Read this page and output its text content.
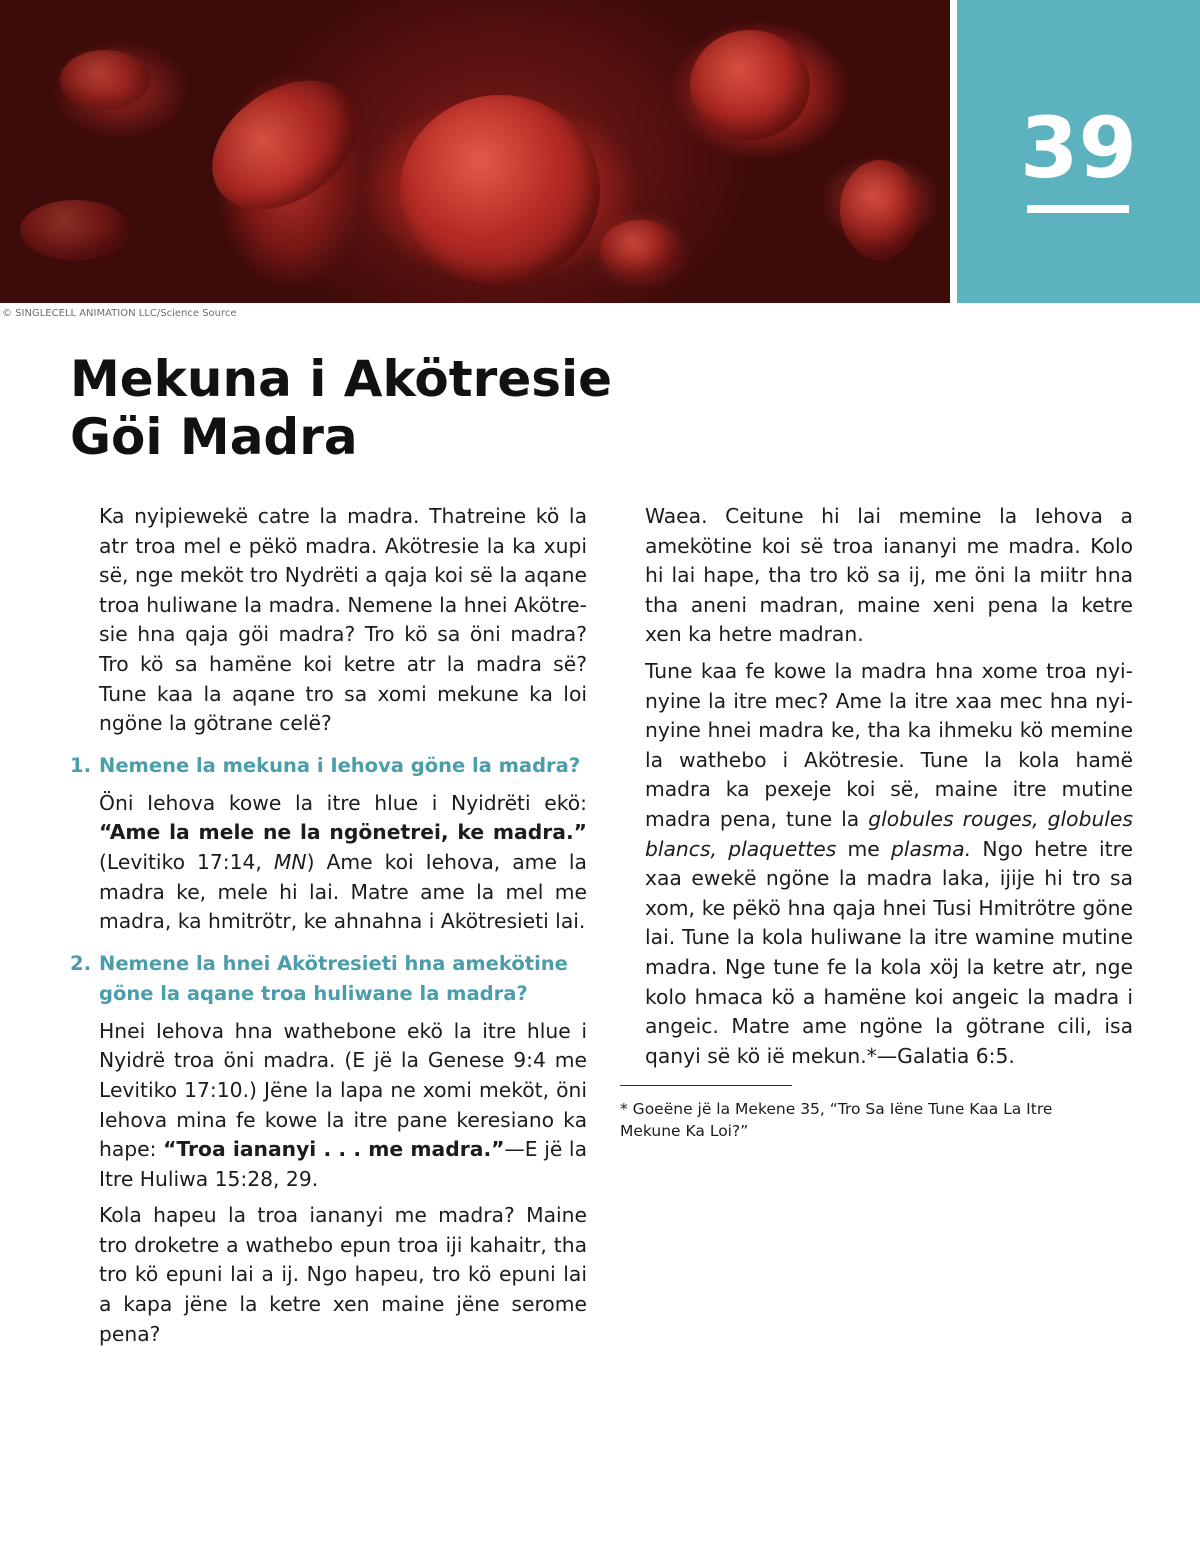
39
© SINGLECELL ANIMATION LLC/Science Source
Mekuna i Akötresie
Göi Madra

Ka nyipiewekë catre la madra. Thatreine kö la atr troa mel e pëkö madra. Akötresie la ka xupi së, nge meköt tro Nydrëti a qaja koi së la aqane troa huliwane la madra. Nemene la hnei Akötresie hna qaja göi madra? Tro kö sa öni madra? Tro kö sa hamëne koi ketre atr la madra së? Tune kaa la aqane tro sa xomi mekune ka loi ngöne la götrane celë?

1. Nemene la mekuna i Iehova göne la madra?

Öni Iehova kowe la itre hlue i Nyidrëti ekö: “Ame la mele ne la ngönetrei, ke madra.” (Levitiko 17:14, MN) Ame koi Iehova, ame la madra ke, mele hi lai. Matre ame la mel me madra, ka hmitrötr, ke ahnahna i Akötresieti lai.

2. Nemene la hnei Akötresieti hna amekötine göne la aqane troa huliwane la madra?

Hnei Iehova hna wathebone ekö la itre hlue i Nyidrë troa öni madra. (E jë la Genese 9:4 me Levitiko 17:10.) Jëne la lapa ne xomi meköt, öni Iehova mina fe kowe la itre pane keresiano ka hape: “Troa iananyi . . . me madra.”—E jë la Itre Huliwa 15:28, 29.

Kola hapeu la troa iananyi me madra? Maine tro droketre a wathebo epun troa iji kahaitr, tha tro kö epuni lai a ij. Ngo hapeu, tro kö epuni lai a kapa jëne la ketre xen maine jëne serome pena?

Waea. Ceitune hi lai memine la Iehova a amekötine koi së troa iananyi me madra. Kolo hi lai hape, tha tro kö sa ij, me öni la miitr hna tha aneni madran, maine xeni pena la ketre xen ka hetre madran.

Tune kaa fe kowe la madra hna xome troa nyinyine la itre mec? Ame la itre xaa mec hna nyinyine hnei madra ke, tha ka ihmeku kö memine la wathebo i Akötresie. Tune la kola hamë madra ka pexeje koi së, maine itre mutine madra pena, tune la globules rouges, globules blancs, plaquettes me plasma. Ngo hetre itre xaa ewekë ngöne la madra laka, ijije hi tro sa xom, ke pëkö hna qaja hnei Tusi Hmitrötre göne lai. Tune la kola huliwane la itre wamine mutine madra. Nge tune fe la kola xöj la ketre atr, nge kolo hmaca kö a hamëne koi angeic la madra i angeic. Matre ame ngöne la götrane cili, isa qanyi së kö ië mekun.*—Galatia 6:5.

* Goeëne jë la Mekene 35, “Tro Sa Iëne Tune Kaa La Itre Mekune Ka Loi?”
